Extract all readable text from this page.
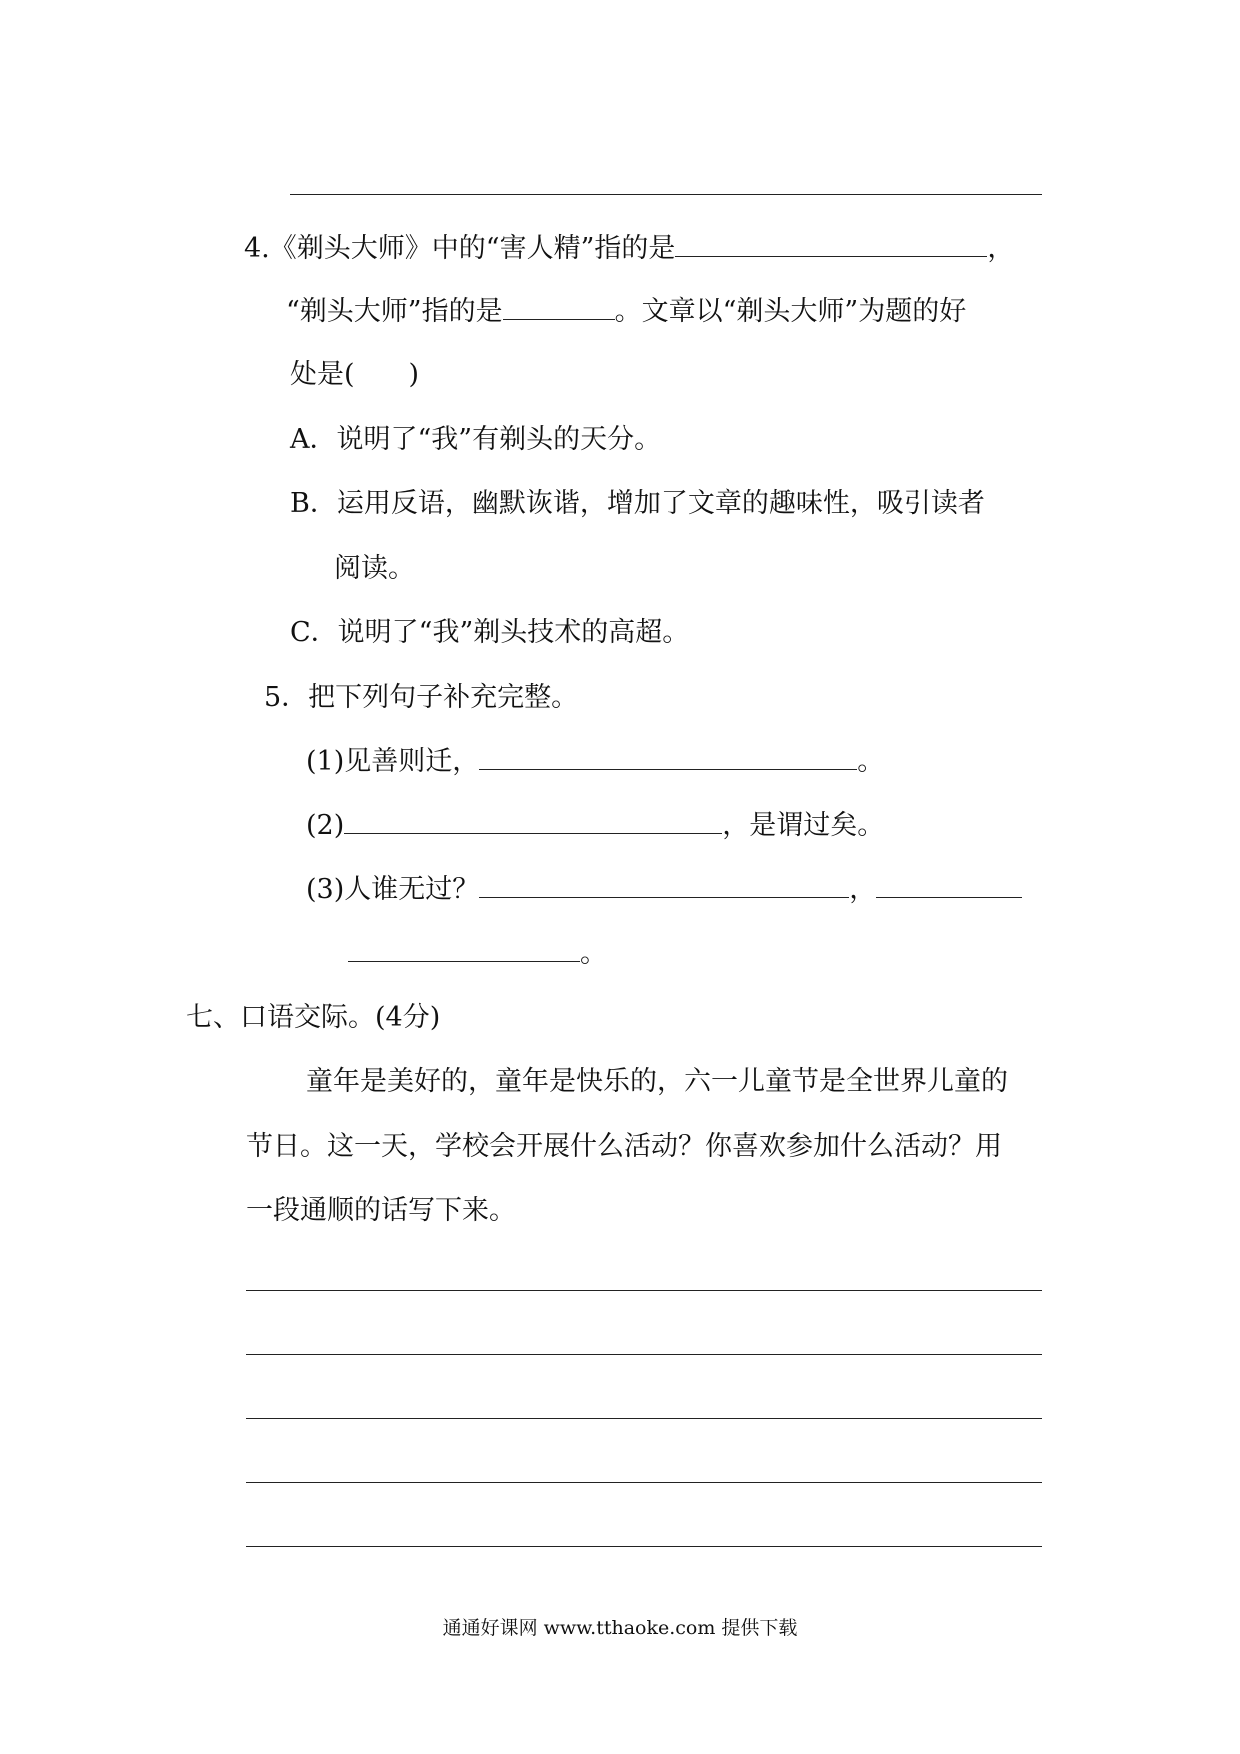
4.《剃头大师》中的“害人精”指的是	，
“剃头大师”指的是	。文章以“剃头大师”为题的好
处是(　　)
A．说明了“我”有剃头的天分。
B．运用反语，幽默诙谐，增加了文章的趣味性，吸引读者
阅读。
C．说明了“我”剃头技术的高超。
5．把下列句子补充完整。
(1)见善则迁，	。
(2)	，是谓过矣。
(3)人谁无过？	，
。
七、口语交际。(4分)
童年是美好的，童年是快乐的，六一儿童节是全世界儿童的
节日。这一天，学校会开展什么活动？你喜欢参加什么活动？用
一段通顺的话写下来。
通通好课网 www.tthaoke.com 提供下载
